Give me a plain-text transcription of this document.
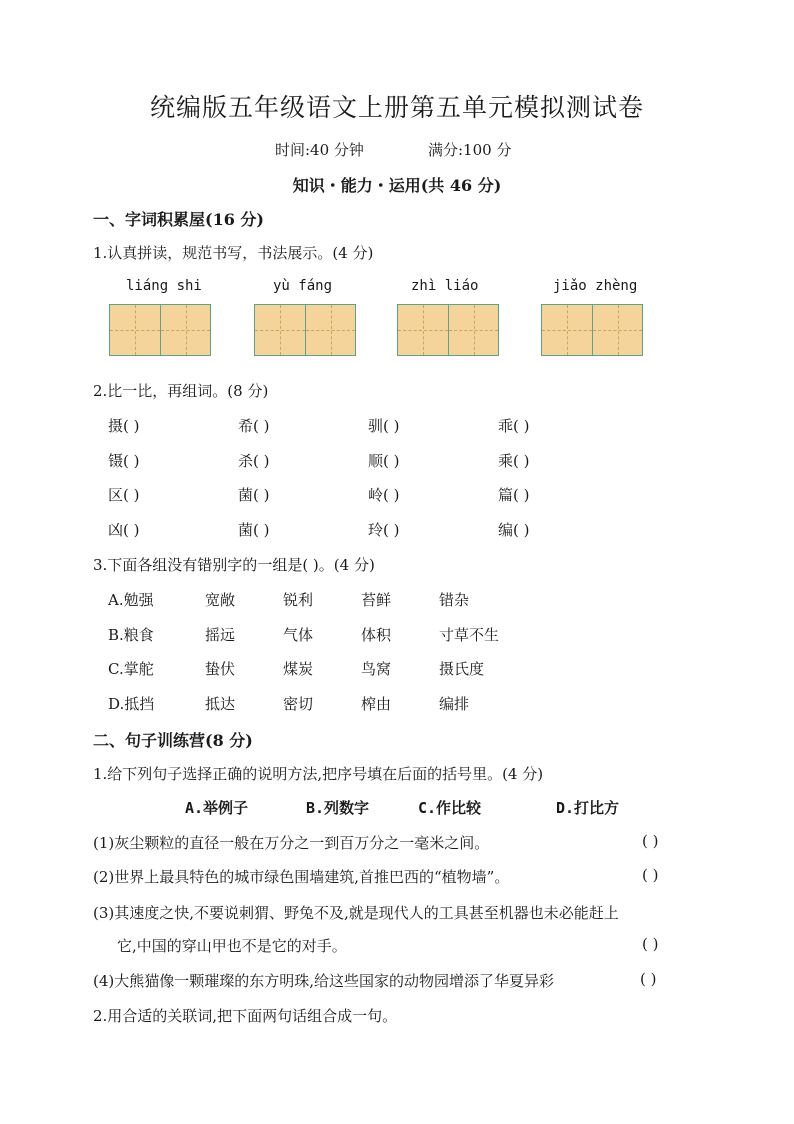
统编版五年级语文上册第五单元模拟测试卷
时间:40 分钟	满分:100 分
知识・能力・运用(共 46 分)
一、字词积累屋(16 分)
1.认真拼读，规范书写，书法展示。(4 分)
liáng shi	yù fáng	zhì liáo	jiǎo zhèng
2.比一比，再组词。(8 分)
摄( )	希( )	驯( )	乖( )
镊( )	杀( )	顺( )	乘( )
区( )	菌( )	岭( )	篇( )
凶( )	菌( )	玲( )	编( )
3.下面各组没有错别字的一组是( )。(4 分)
A.勉强	宽敞	锐利	苔鲜	错杂
B.粮食	摇远	气体	体积	寸草不生
C.掌舵	蛰伏	煤炭	鸟窝	摄氏度
D.抵挡	抵达	密切	榨由	编排
二、句子训练营(8 分)
1.给下列句子选择正确的说明方法,把序号填在后面的括号里。(4 分)
A.举例子	B.列数字	C.作比较	D.打比方
(1)灰尘颗粒的直径一般在万分之一到百万分之一毫米之间。	( )
(2)世界上最具特色的城市绿色围墙建筑,首推巴西的“植物墙”。	( )
(3)其速度之快,不要说刺猬、野兔不及,就是现代人的工具甚至机器也未必能赶上
它,中国的穿山甲也不是它的对手。	( )
(4)大熊猫像一颗璀璨的东方明珠,给这些国家的动物园增添了华夏异彩	( )
2.用合适的关联词,把下面两句话组合成一句。
